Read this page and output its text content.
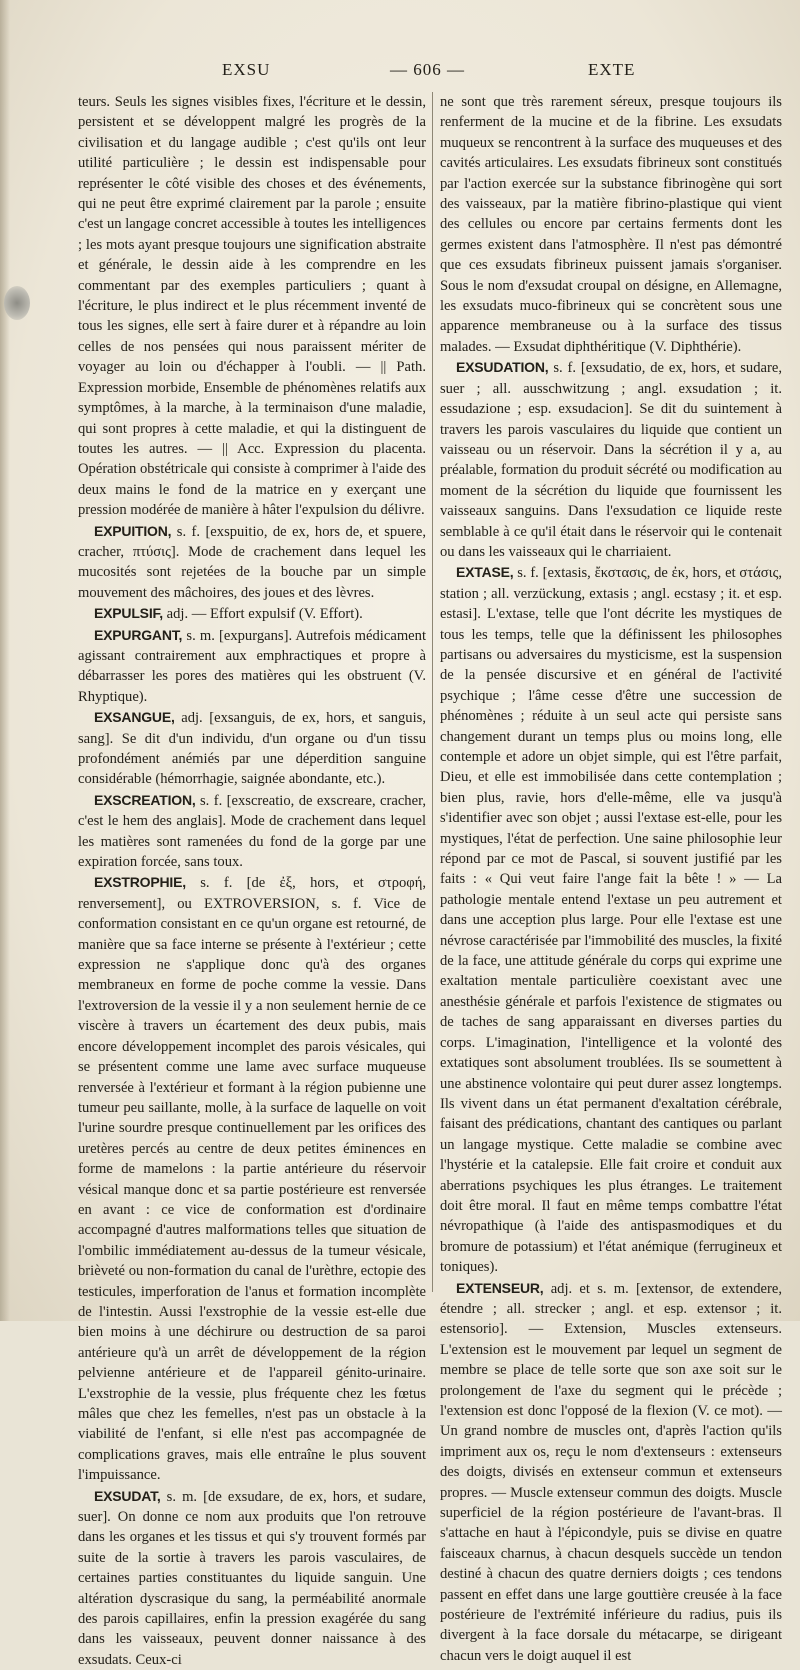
EXSU	— 606 —	EXTE

teurs. Seuls les signes visibles fixes, l'écriture et le dessin, persistent et se développent malgré les progrès de la civilisation et du langage audible ; c'est qu'ils ont leur utilité particulière ; le dessin est indispensable pour représenter le côté visible des choses et des événements, qui ne peut être exprimé clairement par la parole ; ensuite c'est un langage concret accessible à toutes les intelligences ; les mots ayant presque toujours une signification abstraite et générale, le dessin aide à les comprendre en les commentant par des exemples particuliers ; quant à l'écriture, le plus indirect et le plus récemment inventé de tous les signes, elle sert à faire durer et à répandre au loin celles de nos pensées qui nous paraissent mériter de voyager au loin ou d'échapper à l'oubli. — || Path. Expression morbide, Ensemble de phénomènes relatifs aux symptômes, à la marche, à la terminaison d'une maladie, qui sont propres à cette maladie, et qui la distinguent de toutes les autres. — || Acc. Expression du placenta. Opération obstétricale qui consiste à comprimer à l'aide des deux mains le fond de la matrice en y exerçant une pression modérée de manière à hâter l'expulsion du délivre.

EXPUITION, s. f. [exspuitio, de ex, hors de, et spuere, cracher, πτύσις]. Mode de crachement dans lequel les mucosités sont rejetées de la bouche par un simple mouvement des mâchoires, des joues et des lèvres.

EXPULSIF, adj. — Effort expulsif (V. Effort).

EXPURGANT, s. m. [expurgans]. Autrefois médicament agissant contrairement aux emphractiques et propre à débarrasser les pores des matières qui les obstruent (V. Rhyptique).

EXSANGUE, adj. [exsanguis, de ex, hors, et sanguis, sang]. Se dit d'un individu, d'un organe ou d'un tissu profondément anémiés par une déperdition sanguine considérable (hémorrhagie, saignée abondante, etc.).

EXSCREATION, s. f. [exscreatio, de exscreare, cracher, c'est le hem des anglais]. Mode de crachement dans lequel les matières sont ramenées du fond de la gorge par une expiration forcée, sans toux.

EXSTROPHIE, s. f. [de ἐξ, hors, et στροφή, renversement], ou EXTROVERSION, s. f. Vice de conformation consistant en ce qu'un organe est retourné, de manière que sa face interne se présente à l'extérieur ; cette expression ne s'applique donc qu'à des organes membraneux en forme de poche comme la vessie. Dans l'extroversion de la vessie il y a non seulement hernie de ce viscère à travers un écartement des deux pubis, mais encore développement incomplet des parois vésicales, qui se présentent comme une lame avec surface muqueuse renversée à l'extérieur et formant à la région pubienne une tumeur peu saillante, molle, à la surface de laquelle on voit l'urine sourdre presque continuellement par les orifices des uretères percés au centre de deux petites éminences en forme de mamelons : la partie antérieure du réservoir vésical manque donc et sa partie postérieure est renversée en avant : ce vice de conformation est d'ordinaire accompagné d'autres malformations telles que situation de l'ombilic immédiatement au-dessus de la tumeur vésicale, brièveté ou non-formation du canal de l'urèthre, ectopie des testicules, imperforation de l'anus et formation incomplète de l'intestin. Aussi l'exstrophie de la vessie est-elle due bien moins à une déchirure ou destruction de sa paroi antérieure qu'à un arrêt de développement de la région pelvienne antérieure et de l'appareil génito-urinaire. L'exstrophie de la vessie, plus fréquente chez les fœtus mâles que chez les femelles, n'est pas un obstacle à la viabilité de l'enfant, si elle n'est pas accompagnée de complications graves, mais elle entraîne le plus souvent l'impuissance.

EXSUDAT, s. m. [de exsudare, de ex, hors, et sudare, suer]. On donne ce nom aux produits que l'on retrouve dans les organes et les tissus et qui s'y trouvent formés par suite de la sortie à travers les parois vasculaires, de certaines parties constituantes du liquide sanguin. Une altération dyscrasique du sang, la perméabilité anormale des parois capillaires, enfin la pression exagérée du sang dans les vaisseaux, peuvent donner naissance à des exsudats. Ceux-ci

ne sont que très rarement séreux, presque toujours ils renferment de la mucine et de la fibrine. Les exsudats muqueux se rencontrent à la surface des muqueuses et des cavités articulaires. Les exsudats fibrineux sont constitués par l'action exercée sur la substance fibrinogène qui sort des vaisseaux, par la matière fibrino-plastique qui vient des cellules ou encore par certains ferments dont les germes existent dans l'atmosphère. Il n'est pas démontré que ces exsudats fibrineux puissent jamais s'organiser. Sous le nom d'exsudat croupal on désigne, en Allemagne, les exsudats muco-fibrineux qui se concrètent sous une apparence membraneuse ou à la surface des tissus malades. — Exsudat diphthéritique (V. Diphthérie).

EXSUDATION, s. f. [exsudatio, de ex, hors, et sudare, suer ; all. ausschwitzung ; angl. exsudation ; it. essudazione ; esp. exsudacion]. Se dit du suintement à travers les parois vasculaires du liquide que contient un vaisseau ou un réservoir. Dans la sécrétion il y a, au préalable, formation du produit sécrété ou modification au moment de la sécrétion du liquide que fournissent les vaisseaux sanguins. Dans l'exsudation ce liquide reste semblable à ce qu'il était dans le réservoir qui le contenait ou dans les vaisseaux qui le charriaient.

EXTASE, s. f. [extasis, ἔκστασις, de ἐκ, hors, et στάσις, station ; all. verzückung, extasis ; angl. ecstasy ; it. et esp. estasi]. L'extase, telle que l'ont décrite les mystiques de tous les temps, telle que la définissent les philosophes partisans ou adversaires du mysticisme, est la suspension de la pensée discursive et en général de l'activité psychique ; l'âme cesse d'être une succession de phénomènes ; réduite à un seul acte qui persiste sans changement durant un temps plus ou moins long, elle contemple et adore un objet simple, qui est l'être parfait, Dieu, et elle est immobilisée dans cette contemplation ; bien plus, ravie, hors d'elle-même, elle va jusqu'à s'identifier avec son objet ; aussi l'extase est-elle, pour les mystiques, l'état de perfection. Une saine philosophie leur répond par ce mot de Pascal, si souvent justifié par les faits : « Qui veut faire l'ange fait la bête ! » — La pathologie mentale entend l'extase un peu autrement et dans une acception plus large. Pour elle l'extase est une névrose caractérisée par l'immobilité des muscles, la fixité de la face, une attitude générale du corps qui exprime une exaltation mentale particulière coexistant avec une anesthésie générale et parfois l'existence de stigmates ou de taches de sang apparaissant en diverses parties du corps. L'imagination, l'intelligence et la volonté des extatiques sont absolument troublées. Ils se soumettent à une abstinence volontaire qui peut durer assez longtemps. Ils vivent dans un état permanent d'exaltation cérébrale, faisant des prédications, chantant des cantiques ou parlant un langage mystique. Cette maladie se combine avec l'hystérie et la catalepsie. Elle fait croire et conduit aux aberrations psychiques les plus étranges. Le traitement doit être moral. Il faut en même temps combattre l'état névropathique (à l'aide des antispasmodiques et du bromure de potassium) et l'état anémique (ferrugineux et toniques).

EXTENSEUR, adj. et s. m. [extensor, de extendere, étendre ; all. strecker ; angl. et esp. extensor ; it. estensorio]. — Extension, Muscles extenseurs. L'extension est le mouvement par lequel un segment de membre se place de telle sorte que son axe soit sur le prolongement de l'axe du segment qui le précède ; l'extension est donc l'opposé de la flexion (V. ce mot). — Un grand nombre de muscles ont, d'après l'action qu'ils impriment aux os, reçu le nom d'extenseurs : extenseurs des doigts, divisés en extenseur commun et extenseurs propres. — Muscle extenseur commun des doigts. Muscle superficiel de la région postérieure de l'avant-bras. Il s'attache en haut à l'épicondyle, puis se divise en quatre faisceaux charnus, à chacun desquels succède un tendon destiné à chacun des quatre derniers doigts ; ces tendons passent en effet dans une large gouttière creusée à la face postérieure de l'extrémité inférieure du radius, puis ils divergent à la face dorsale du métacarpe, se dirigeant chacun vers le doigt auquel il est
